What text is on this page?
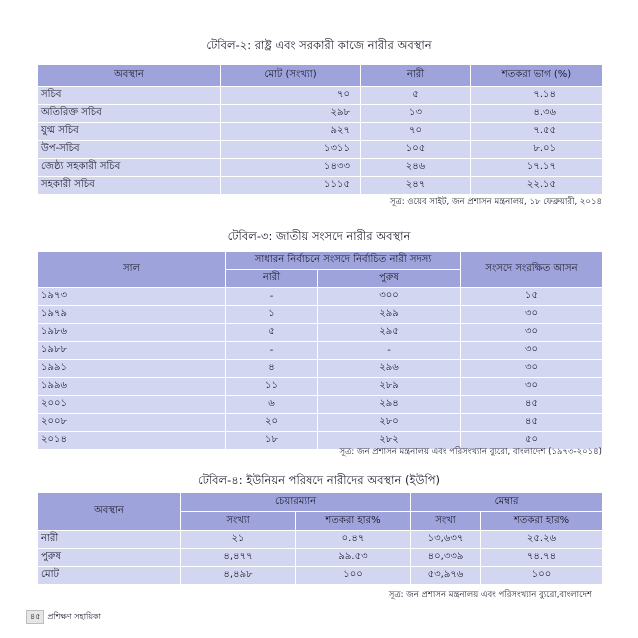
টেবিল-২: রাষ্ট্র এবং সরকারী কাজে নারীর অবস্থান
অবস্থান	মোট (সংখ্যা)	নারী	শতকরা ভাগ (%)
সচিব	৭০	৫	৭.১৪
অতিরিক্ত সচিব	২৯৮	১৩	৪.৩৬
যুগ্ম সচিব	৯২৭	৭০	৭.৫৫
উপ-সচিব	১৩১১	১০৫	৮.০১
জেষ্ঠ্য সহকারী সচিব	১৪৩৩	২৪৬	১৭.১৭
সহকারী সচিব	১১১৫	২৪৭	২২.১৫
সূত্র: ওয়েব সাইট, জন প্রশাসন মন্ত্রনালয়, ১৮ ফেব্রুয়ারী, ২০১৪
টেবিল-৩: জাতীয় সংসদে নারীর অবস্থান
সাল	সাধারন নির্বাচনে সংসদে নির্বাচিত নারী সদস্য		সংসদে সংরক্ষিত আসন
	নারী	পুরুষ	
১৯৭৩	-	৩০০	১৫
১৯৭৯	১	২৯৯	৩০
১৯৮৬	৫	২৯৫	৩০
১৯৮৮	-	-	৩০
১৯৯১	৪	২৯৬	৩০
১৯৯৬	১১	২৮৯	৩০
২০০১	৬	২৯৪	৪৫
২০০৮	২০	২৮০	৪৫
২০১৪	১৮	২৮২	৫০
সূত্র: জন প্রশাসন মন্ত্রনালয় এবং পরিসংখ্যান ব্যুরো, বাংলাদেশ (১৯৭৩-২০১৪)
টেবিল-৪: ইউনিয়ন পরিষদে নারীদের অবস্থান (ইউপি)
অবস্থান	চেয়ারম্যান		মেম্বার	
	সংখ্যা	শতকরা হার%	সংখা	শতকরা হার%
নারী	২১	০.৪৭	১৩,৬৩৭	২৫.২৬
পুরুষ	৪,৪৭৭	৯৯.৫৩	৪০,৩৩৯	৭৪.৭৪
মোট	৪,৪৯৮	১০০	৫৩,৯৭৬	১০০
সূত্র: জন প্রশাসন মন্ত্রনালয় এবং পরিসংখ্যান ব্যুরো,বাংলাদেশ
৪৫ প্রশিক্ষণ সহায়িকা
